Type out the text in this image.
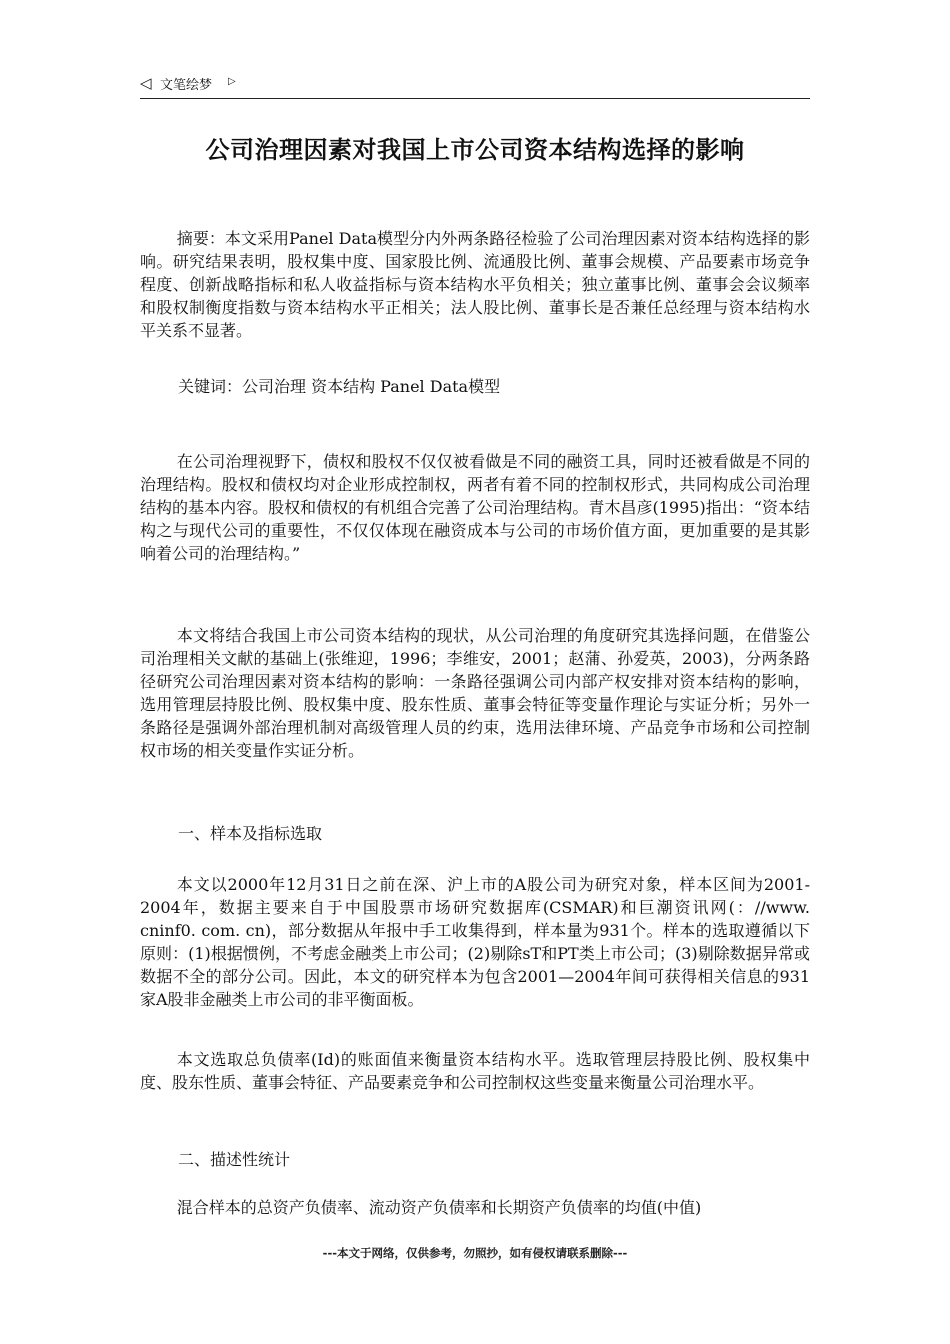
◁ 文笔绘梦 ▷
公司治理因素对我国上市公司资本结构选择的影响

摘要：本文采用Panel Data模型分内外两条路径检验了公司治理因素对资本结构选择的影响。研究结果表明，股权集中度、国家股比例、流通股比例、董事会规模、产品要素市场竞争程度、创新战略指标和私人收益指标与资本结构水平负相关；独立董事比例、董事会会议频率和股权制衡度指数与资本结构水平正相关；法人股比例、董事长是否兼任总经理与资本结构水平关系不显著。

关键词：公司治理 资本结构 Panel Data模型

在公司治理视野下，债权和股权不仅仅被看做是不同的融资工具，同时还被看做是不同的治理结构。股权和债权均对企业形成控制权，两者有着不同的控制权形式，共同构成公司治理结构的基本内容。股权和债权的有机组合完善了公司治理结构。青木昌彦(1995)指出：“资本结构之与现代公司的重要性，不仅仅体现在融资成本与公司的市场价值方面，更加重要的是其影响着公司的治理结构。”

本文将结合我国上市公司资本结构的现状，从公司治理的角度研究其选择问题，在借鉴公司治理相关文献的基础上(张维迎，1996；李维安，2001；赵蒲、孙爱英，2003)，分两条路径研究公司治理因素对资本结构的影响：一条路径强调公司内部产权安排对资本结构的影响，选用管理层持股比例、股权集中度、股东性质、董事会特征等变量作理论与实证分析；另外一条路径是强调外部治理机制对高级管理人员的约束，选用法律环境、产品竞争市场和公司控制权市场的相关变量作实证分析。

一、样本及指标选取

本文以2000年12月31日之前在深、沪上市的A股公司为研究对象，样本区间为2001-2004年，数据主要来自于中国股票市场研究数据库(CSMAR)和巨潮资讯网(：//www. cninf0. com. cn)，部分数据从年报中手工收集得到，样本量为931个。样本的选取遵循以下原则：(1)根据惯例，不考虑金融类上市公司；(2)剔除sT和PT类上市公司；(3)剔除数据异常或数据不全的部分公司。因此，本文的研究样本为包含2001—2004年间可获得相关信息的931家A股非金融类上市公司的非平衡面板。

本文选取总负债率(Id)的账面值来衡量资本结构水平。选取管理层持股比例、股权集中度、股东性质、董事会特征、产品要素竞争和公司控制权这些变量来衡量公司治理水平。

二、描述性统计

混合样本的总资产负债率、流动资产负债率和长期资产负债率的均值(中值)

---本文于网络，仅供参考，勿照抄，如有侵权请联系删除---
